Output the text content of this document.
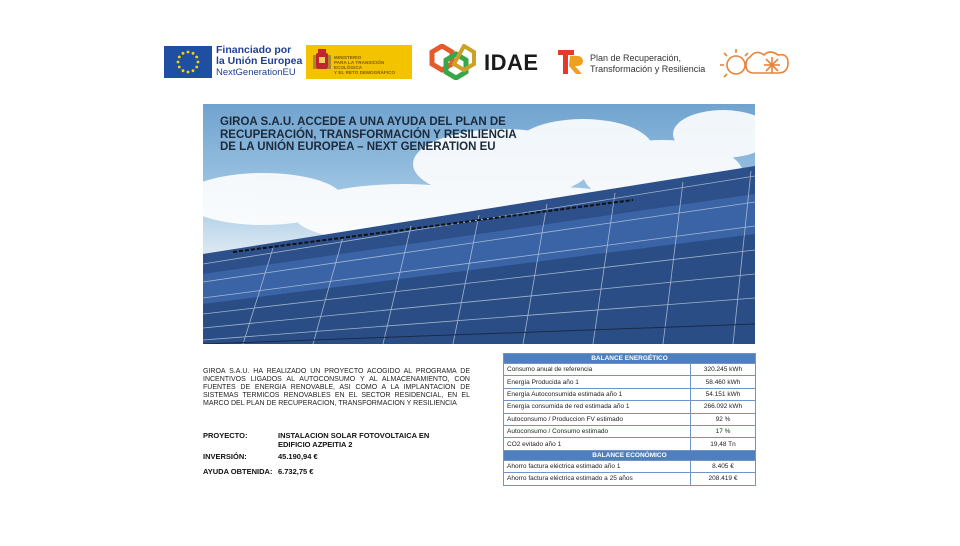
Financiado por
la Unión Europea
NextGenerationEU
MINISTERIO
PARA LA TRANSICIÓN ECOLÓGICA
Y EL RETO DEMOGRÁFICO	IDAE	Plan de Recuperación,
Transformación y Resiliencia
GIROA S.A.U. ACCEDE A UNA AYUDA DEL PLAN DE RECUPERACIÓN, TRANSFORMACIÓN Y RESILIENCIA DE LA UNIÓN EUROPEA – NEXT GENERATION EU
GIROA S.A.U. HA REALIZADO UN PROYECTO ACOGIDO AL PROGRAMA DE INCENTIVOS LIGADOS AL AUTOCONSUMO Y AL ALMACENAMIENTO, CON FUENTES DE ENERGIA RENOVABLE, ASI COMO A LA IMPLANTACION DE SISTEMAS TERMICOS RENOVABLES EN EL SECTOR RESIDENCIAL, EN EL MARCO DEL PLAN DE RECUPERACION, TRANSFORMACION Y RESILIENCIA
PROYECTO:	INSTALACION SOLAR FOTOVOLTAICA EN EDIFICIO AZPEITIA 2
INVERSIÓN:	45.190,94 €
AYUDA OBTENIDA: 6.732,75 €
BALANCE ENERGÉTICO	
Consumo anual de referencia	320.245 kWh
Energía Producida año 1	58.460 kWh
Energía Autoconsumida estimada año 1	54.151 kWh
Energía consumida de red estimada año 1	266.092 kWh
Autoconsumo / Produccion FV estimado	92 %
Autoconsumo / Consumo estimado	17 %
CO2 evitado año 1	19,48 Tn
BALANCE ECONÓMICO	
Ahorro factura eléctrica estimado año 1	8.405 €
Ahorro factura eléctrica estimado a 25 años	208.419 €
